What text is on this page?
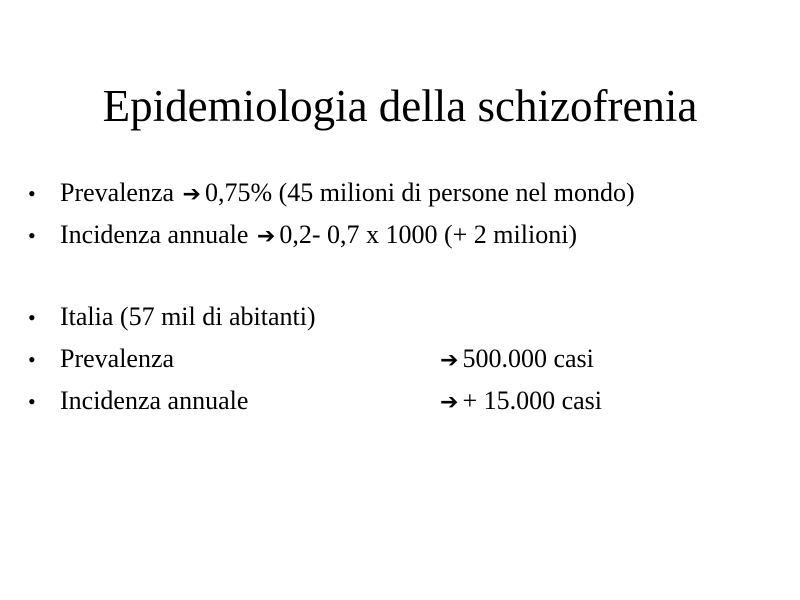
Epidemiologia della schizofrenia
• Prevalenza ➔ 0,75% (45 milioni di persone nel mondo)
• Incidenza annuale ➔ 0,2- 0,7 x 1000 (+ 2 milioni)
• Italia (57 mil di abitanti)
• Prevalenza	➔ 500.000 casi
• Incidenza annuale	➔ + 15.000 casi
